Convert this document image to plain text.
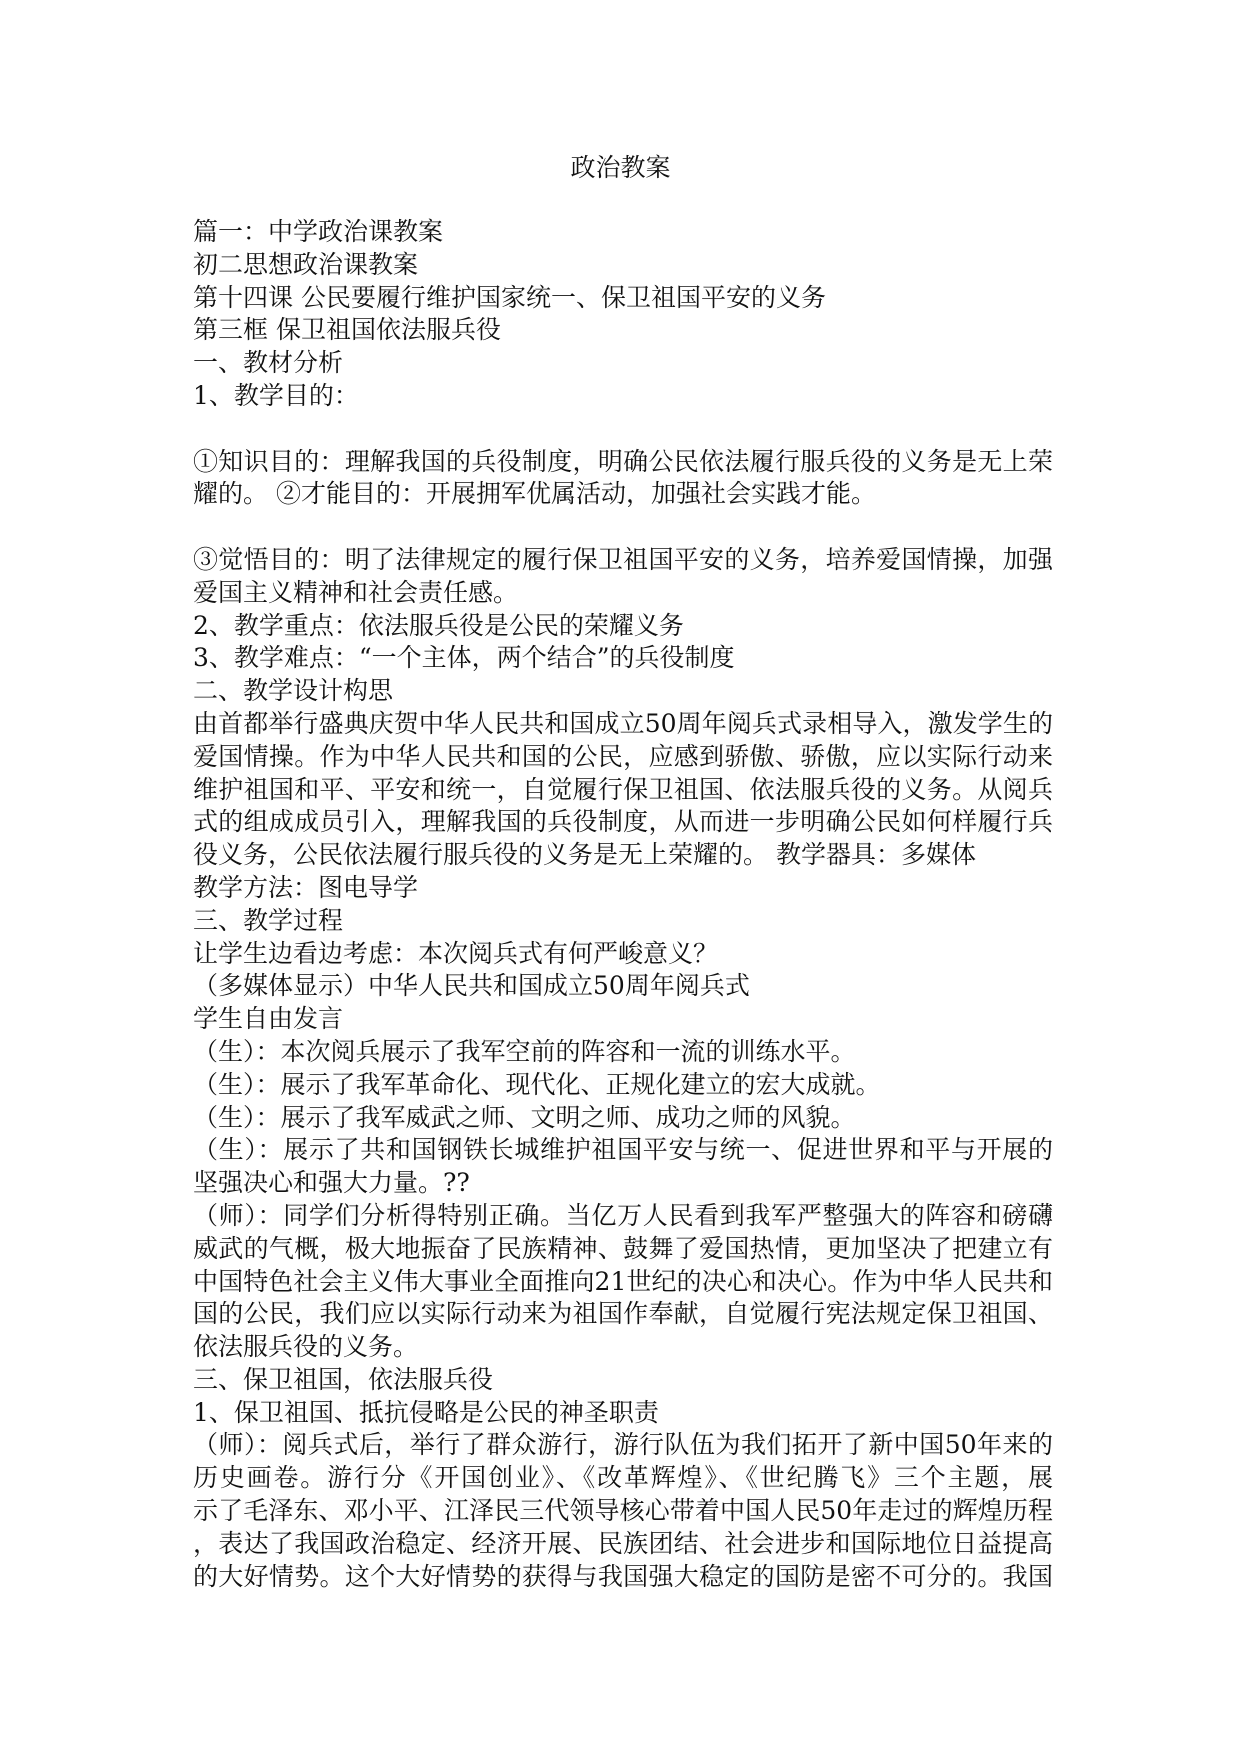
政治教案
篇一：中学政治课教案
初二思想政治课教案
第十四课 公民要履行维护国家统一、保卫祖国平安的义务
第三框 保卫祖国依法服兵役
一、教材分析
1、教学目的：
①知识目的：理解我国的兵役制度，明确公民依法履行服兵役的义务是无上荣
耀的。 ②才能目的：开展拥军优属活动，加强社会实践才能。
③觉悟目的：明了法律规定的履行保卫祖国平安的义务，培养爱国情操，加强
爱国主义精神和社会责任感。
2、教学重点：依法服兵役是公民的荣耀义务
3、教学难点：“一个主体，两个结合”的兵役制度
二、教学设计构思
由首都举行盛典庆贺中华人民共和国成立50周年阅兵式录相导入，激发学生的
爱国情操。作为中华人民共和国的公民，应感到骄傲、骄傲，应以实际行动来
维护祖国和平、平安和统一，自觉履行保卫祖国、依法服兵役的义务。从阅兵
式的组成成员引入，理解我国的兵役制度，从而进一步明确公民如何样履行兵
役义务，公民依法履行服兵役的义务是无上荣耀的。 教学器具：多媒体
教学方法：图电导学
三、教学过程
让学生边看边考虑：本次阅兵式有何严峻意义？
（多媒体显示）中华人民共和国成立50周年阅兵式
学生自由发言
（生）：本次阅兵展示了我军空前的阵容和一流的训练水平。
（生）：展示了我军革命化、现代化、正规化建立的宏大成就。
（生）：展示了我军威武之师、文明之师、成功之师的风貌。
（生）：展示了共和国钢铁长城维护祖国平安与统一、促进世界和平与开展的
坚强决心和强大力量。??
（师）：同学们分析得特别正确。当亿万人民看到我军严整强大的阵容和磅礴
威武的气概，极大地振奋了民族精神、鼓舞了爱国热情，更加坚决了把建立有
中国特色社会主义伟大事业全面推向21世纪的决心和决心。作为中华人民共和
国的公民，我们应以实际行动来为祖国作奉献，自觉履行宪法规定保卫祖国、
依法服兵役的义务。
三、保卫祖国，依法服兵役
1、保卫祖国、抵抗侵略是公民的神圣职责
（师）：阅兵式后，举行了群众游行，游行队伍为我们拓开了新中国50年来的
历史画卷。游行分《开国创业》、《改革辉煌》、《世纪腾飞》三个主题，展
示了毛泽东、邓小平、江泽民三代领导核心带着中国人民50年走过的辉煌历程
，表达了我国政治稳定、经济开展、民族团结、社会进步和国际地位日益提高
的大好情势。这个大好情势的获得与我国强大稳定的国防是密不可分的。我国
